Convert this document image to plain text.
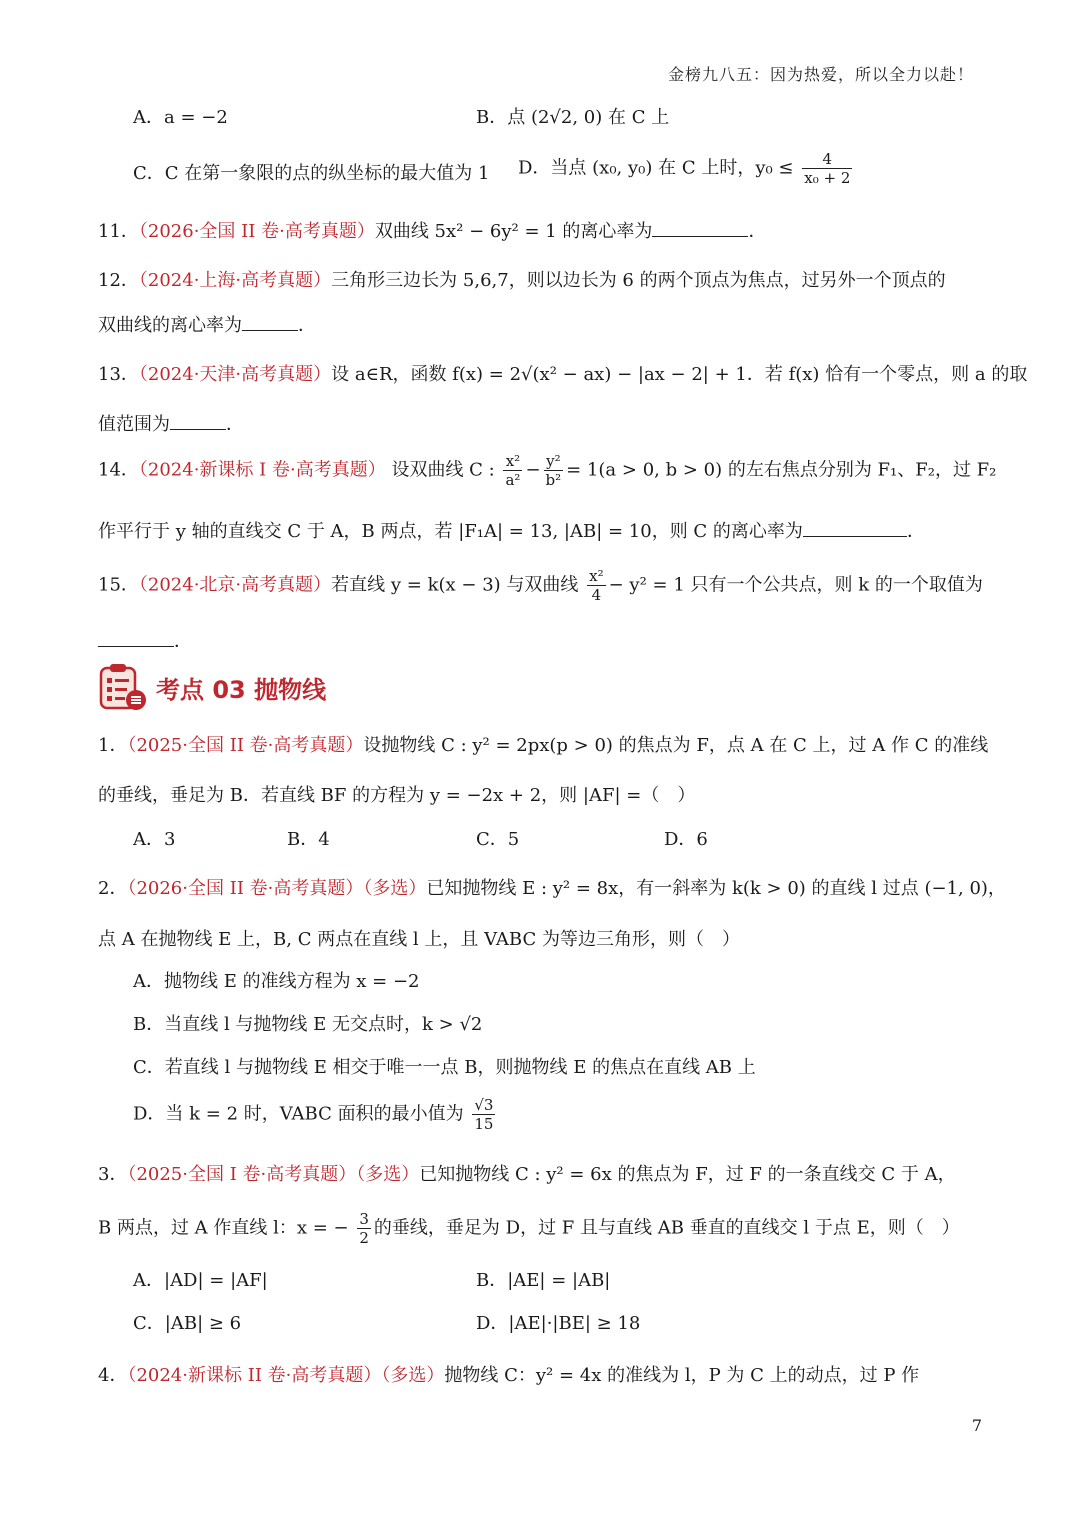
金榜九八五：因为热爱，所以全力以赴！
A．a = −2	B．点 (2√2, 0) 在 C 上
C．C 在第一象限的点的纵坐标的最大值为 1 D．当点 (x₀, y₀) 在 C 上时，$y_0 \le \frac{4}{\text{x₀ + 2}}$
11．（2026·全国 II 卷·高考真题）双曲线 5x² − 6y² = 1 的离心率为	．
12．（2024·上海·高考真题）三角形三边长为 5,6,7，则以边长为 6 的两个顶点为焦点，过另外一个顶点的
双曲线的离心率为	．
13．（2024·天津·高考真题）设 a∈R，函数 f(x) = 2√(x² − ax) − |ax − 2| + 1．若 f(x) 恰有一个零点，则 a 的取
值范围为	．
14．（2024·新课标 I 卷·高考真题） 设双曲线 C : $\frac{\text{x²}}{\text{a²}} - \frac{\text{y²}}{\text{b²}} = 1(a > 0$, b > 0) 的左右焦点分别为 F₁、F₂，过 F₂
作平行于 y 轴的直线交 C 于 A，B 两点，若 |F₁A| = 13, |AB| = 10，则 C 的离心率为	．
15．（2024·北京·高考真题）若直线 y = k(x − 3) 与双曲线 $\frac{\text{x²}}{4} - y^2 = 1$ 只有一个公共点，则 k 的一个取值为
．
考点 03 抛物线
1．（2025·全国 II 卷·高考真题）设抛物线 C : y² = 2px(p > 0) 的焦点为 F，点 A 在 C 上，过 A 作 C 的准线
的垂线，垂足为 B．若直线 BF 的方程为 y = −2x + 2，则 |AF| =（　）
A．3	B．4	C．5	D．6
2．（2026·全国 II 卷·高考真题）（多选）已知抛物线 E : y² = 8x，有一斜率为 k(k > 0) 的直线 l 过点 (−1, 0)，
点 A 在抛物线 E 上，B, C 两点在直线 l 上，且 VABC 为等边三角形，则（　）
A．抛物线 E 的准线方程为 x = −2
B．当直线 l 与抛物线 E 无交点时，k > √2
C．若直线 l 与抛物线 E 相交于唯一一点 B，则抛物线 E 的焦点在直线 AB 上
D．当 k = 2 时，VABC 面积的最小值为 $\frac{√3}{15}$
3．（2025·全国 I 卷·高考真题）（多选）已知抛物线 C : y² = 6x 的焦点为 F，过 F 的一条直线交 C 于 A，
B 两点，过 A 作直线 l：x = − $\frac{3}{2}$ 的垂线，垂足为 D，过 F 且与直线 AB 垂直的直线交 l 于点 E，则（　）
A．|AD| = |AF|	B．|AE| = |AB|
C．|AB| ≥ 6	D．|AE|·|BE| ≥ 18
4．（2024·新课标 II 卷·高考真题）（多选）抛物线 C：y² = 4x 的准线为 l，P 为 C 上的动点，过 P 作
7
